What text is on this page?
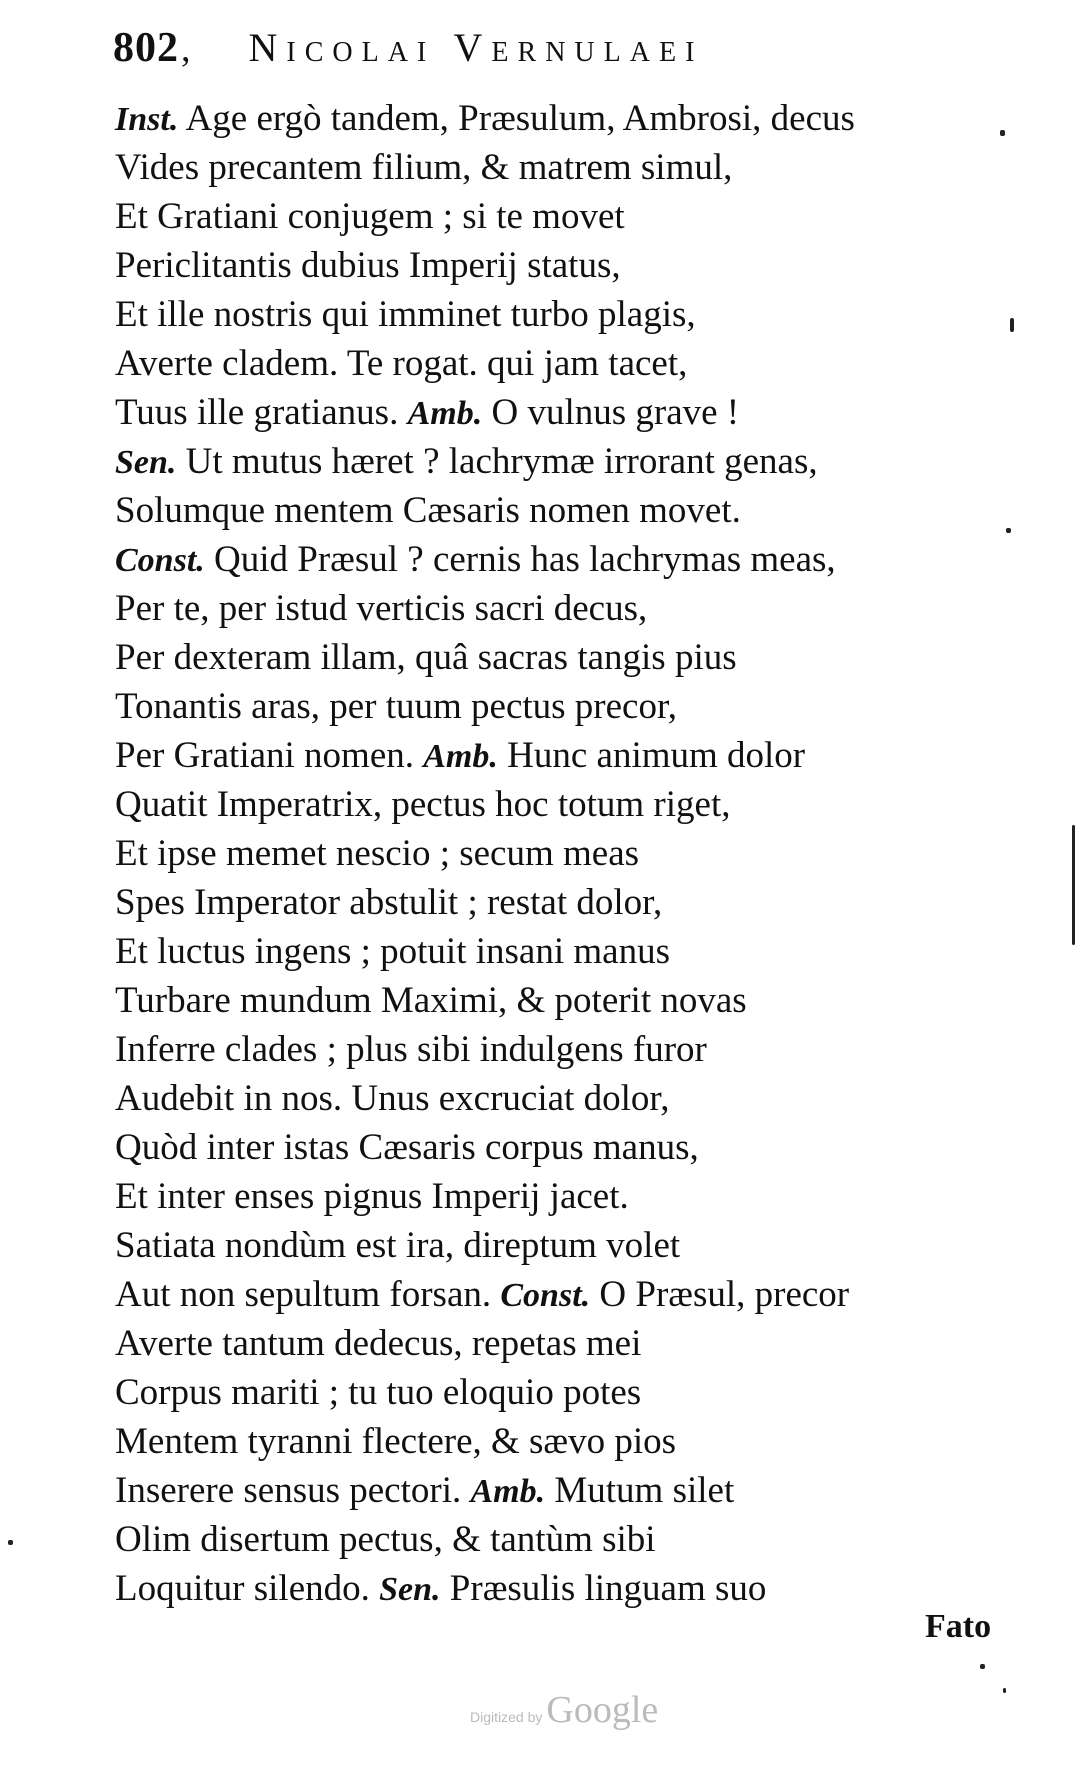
802 , Nicolai Vernulaei
Inst. Age ergò tandem, Præsulum, Ambrosi, decus
Vides precantem filium, & matrem simul,
Et Gratiani conjugem ; si te movet
Periclitantis dubius Imperij status,
Et ille nostris qui imminet turbo plagis,
Averte cladem. Te rogat. qui jam tacet,
Tuus ille gratianus. Amb. O vulnus grave !
Sen. Ut mutus hæret ? lachrymæ irrorant genas,
Solumque mentem Cæsaris nomen movet.
Const. Quid Præsul ? cernis has lachrymas meas,
Per te, per istud verticis sacri decus,
Per dexteram illam, quâ sacras tangis pius
Tonantis aras, per tuum pectus precor,
Per Gratiani nomen. Amb. Hunc animum dolor
Quatit Imperatrix, pectus hoc totum riget,
Et ipse memet nescio ; secum meas
Spes Imperator abstulit ; restat dolor,
Et luctus ingens ; potuit insani manus
Turbare mundum Maximi, & poterit novas
Inferre clades ; plus sibi indulgens furor
Audebit in nos. Unus excruciat dolor,
Quòd inter istas Cæsaris corpus manus,
Et inter enses pignus Imperij jacet.
Satiata nondùm est ira, direptum volet
Aut non sepultum forsan. Const. O Præsul, precor
Averte tantum dedecus, repetas mei
Corpus mariti ; tu tuo eloquio potes
Mentem tyranni flectere, & sævo pios
Inserere sensus pectori. Amb. Mutum silet
Olim disertum pectus, & tantùm sibi
Loquitur silendo. Sen. Præsulis linguam suo
Fato
Digitized by Google
